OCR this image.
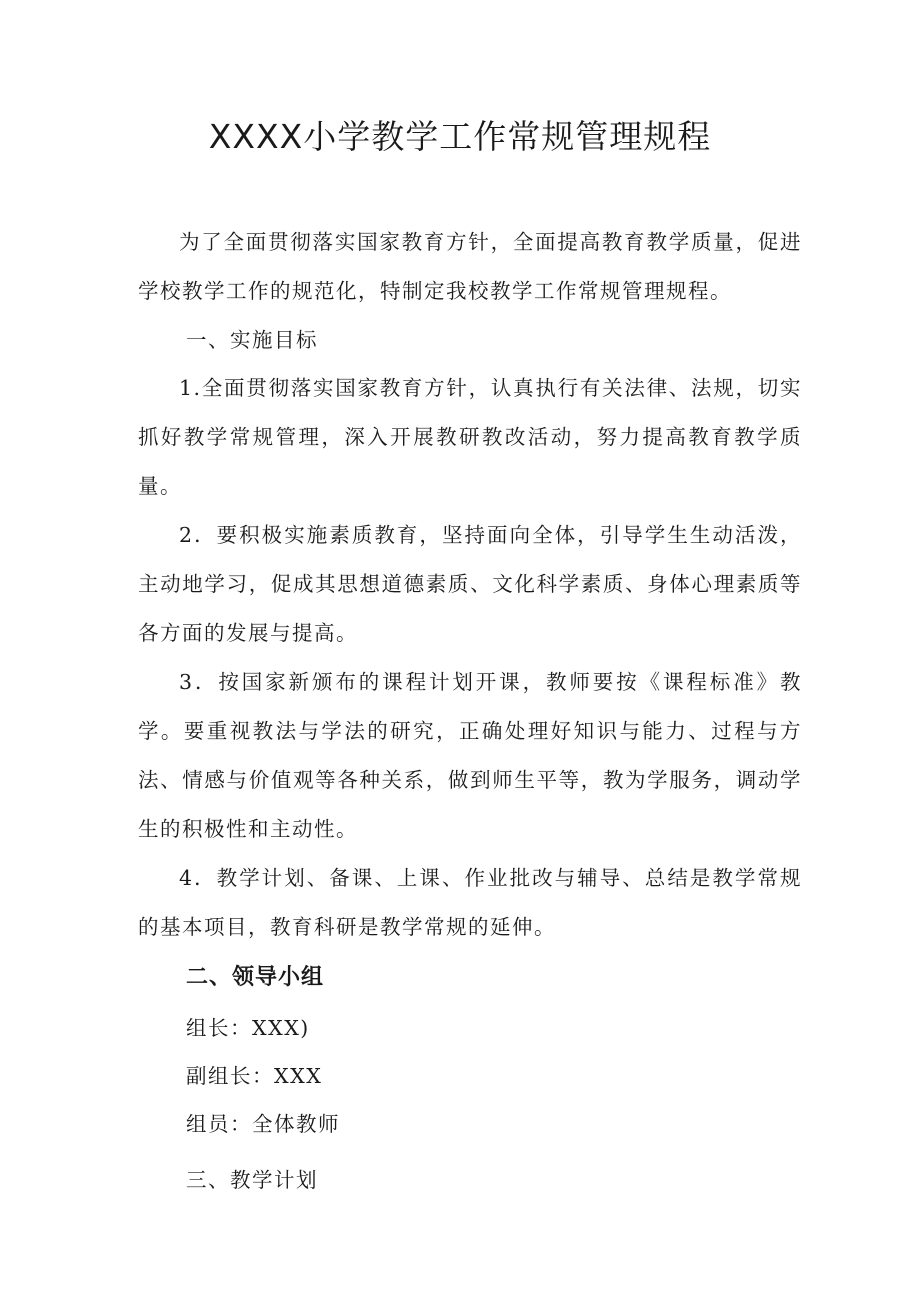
XXXX小学教学工作常规管理规程

为了全面贯彻落实国家教育方针，全面提高教育教学质量，促进学校教学工作的规范化，特制定我校教学工作常规管理规程。

一、实施目标

1.全面贯彻落实国家教育方针，认真执行有关法律、法规，切实抓好教学常规管理，深入开展教研教改活动，努力提高教育教学质量。

2．要积极实施素质教育，坚持面向全体，引导学生生动活泼，主动地学习，促成其思想道德素质、文化科学素质、身体心理素质等各方面的发展与提高。

3．按国家新颁布的课程计划开课，教师要按《课程标准》教学。要重视教法与学法的研究，正确处理好知识与能力、过程与方法、情感与价值观等各种关系，做到师生平等，教为学服务，调动学生的积极性和主动性。

4．教学计划、备课、上课、作业批改与辅导、总结是教学常规的基本项目，教育科研是教学常规的延伸。

二、领导小组

组长：XXX)

副组长：XXX

组员：全体教师

三、教学计划
